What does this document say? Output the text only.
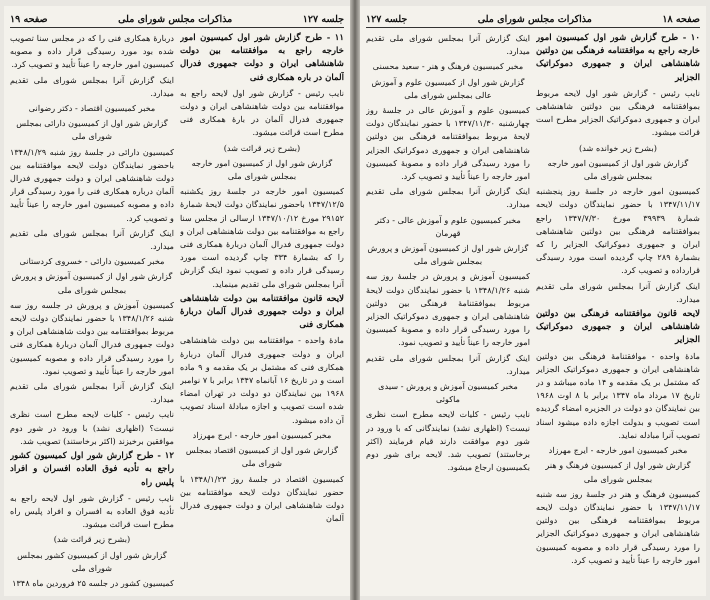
جلسه ۱۲۷
مذاکرات مجلس شورای ملی
صفحه ۱۹

۱۱ - طرح گزارش شور اول کمیسیون امور خارجه راجع به موافقتنامه بین دولت شاهنشاهی ایران و دولت جمهوری فدرال آلمان در باره همکاری فنی

نایب رئیس - گزارش شور اول لایحه راجع به موافقتنامه بین دولت شاهنشاهی ایران و دولت جمهوری فدرال آلمان در بارهٔ همکاری فنی مطرح است قرائت میشود.

(بشرح زیر قرائت شد)

گزارش شور اول از کمیسیون امور خارجه بمجلس شورای ملی

کمیسیون امور خارجه در جلسهٔ روز یکشنبه ۱۳۴۷/۱۲/۵ باحضور نمایندگان دولت لایحهٔ شمارهٔ ۲۹۱۵۲ مورخ ۱۳۴۷/۱۰/۱۲ ارسالی از مجلس سنا راجع به موافقتنامه بین دولت شاهنشاهی ایران و دولت جمهوری فدرال آلمان دربارهٔ همکاری فنی را که بشمارهٔ ۳۳۴ چاپ گردیده است مورد رسیدگی قرار داده و تصویب نمود اینک گزارش آنرا بمجلس شورای ملی تقدیم مینماید.

لایحه قانون موافقتنامه بین دولت شاهنشاهی ایران و دولت جمهوری فدرال آلمان دربارهٔ همکاری فنی

مادهٔ واحده - موافقتنامه بین دولت شاهنشاهی ایران و دولت جمهوری فدرال آلمان دربارهٔ همکاری فنی که مشتمل بر یک مقدمه و ۹ ماده است و در تاریخ ۱۶ آبانماه ۱۳۴۷ برابر با ۷ نوامبر ۱۹۶۸ بین نمایندگان دو دولت در تهران امضاء شده است تصویب و اجازه مبادلهٔ اسناد تصویب آن داده میشود.

مخبر کمیسیون امور خارجه - ایرج مهرزاد

گزارش شور اول از کمیسیون اقتصاد بمجلس شورای ملی

کمیسیون اقتصاد در جلسهٔ روز ۱۳۴۸/۱/۲۳ با حضور نمایندگان دولت لایحه موافقتنامه بین دولت شاهنشاهی ایران و دولت جمهوری فدرال آلمان

دربارهٔ همکاری فنی را که در مجلس سنا تصویب شده بود مورد رسیدگی قرار داده و مصوبه کمیسیون امور خارجه را عیناً تأیید و تصویب کرد.

اینک گزارش آنرا بمجلس شورای ملی تقدیم میدارد.

مخبر کمیسیون اقتصاد - دکتر رضوانی

گزارش شور اول از کمیسیون دارائی بمجلس شورای ملی

کمیسیون دارائی در جلسهٔ روز شنبه ۱۳۴۸/۱/۲۹ باحضور نمایندگان دولت لایحه موافقتنامه بین دولت شاهنشاهی ایران و دولت جمهوری فدرال آلمان درباره همکاری فنی را مورد رسیدگی قرار داده و مصوبه کمیسیون امور خارجه را عیناً تأیید و تصویب کرد.

اینک گزارش آنرا بمجلس شورای ملی تقدیم میدارد.

مخبر کمیسیون دارائی - خسروی کردستانی

گزارش شور اول از کمیسیون آموزش و پرورش بمجلس شورای ملی

کمیسیون آموزش و پرورش در جلسه روز سه شنبه ۱۳۴۸/۱/۲۶ با حضور نمایندگان دولت لایحه مربوط بموافقتنامه بین دولت شاهنشاهی ایران و دولت جمهوری فدرال آلمان دربارهٔ همکاری فنی را مورد رسیدگی قرار داده و مصوبه کمیسیون امور خارجه را عیناً تأیید و تصویب نمود.

اینک گزارش آنرا بمجلس شورای ملی تقدیم میدارد.

نایب رئیس - کلیات لایحه مطرح است نظری نیست؟ (اظهاری نشد) با ورود در شور دوم موافقین برخیزند (اکثر برخاستند) تصویب شد.

۱۲ - طرح گزارش شور اول کمیسیون کشور راجع به تأدیه فوق العاده افسران و افراد پلیس راه

نایب رئیس - گزارش شور اول لایحه راجع به تأدیه فوق العاده به افسران و افراد پلیس راه مطرح است قرائت میشود.

(بشرح زیر قرائت شد)

گزارش شور اول از کمیسیون کشور بمجلس شورای ملی

کمیسیون کشور در جلسه ۲۵ فروردین ماه ۱۳۴۸

صفحه ۱۸
مذاکرات مجلس شورای ملی
جلسه ۱۲۷

۱۰ - طرح گزارش شور اول کمیسیون امور خارجه راجع به موافقتنامه فرهنگی بین دولتین شاهنشاهی ایران و جمهوری دموکراتیک الجزایر

نایب رئیس - گزارش شور اول لایحه مربوط بموافقتنامه فرهنگی بین دولتین شاهنشاهی ایران و جمهوری دموکراتیک الجزایر مطرح است قرائت میشود.

(بشرح زیر خوانده شد)

گزارش شور اول از کمیسیون امور خارجه بمجلس شورای ملی

کمیسیون امور خارجه در جلسهٔ روز پنجشنبه ۱۳۴۷/۱۱/۱۷ با حضور نمایندگان دولت لایحه شمارهٔ ۳۹۹۳۹ مورخ ۱۳۴۷/۷/۳۰ راجع بموافقتنامه فرهنگی بین دولتین شاهنشاهی ایران و جمهوری دموکراتیک الجزایر را که بشمارهٔ ۲۸۹ چاپ گردیده است مورد رسیدگی قرارداده و تصویب کرد.

اینک گزارش آنرا بمجلس شورای ملی تقدیم میدارد.

لایحه قانون موافقتنامه فرهنگی بین دولتین شاهنشاهی ایران و جمهوری دموکراتیک الجزایر

مادهٔ واحده - موافقتنامهٔ فرهنگی بین دولتین شاهنشاهی ایران و جمهوری دموکراتیک الجزایر که مشتمل بر یک مقدمه و ۱۴ ماده میباشد و در تاریخ ۱۷ مرداد ماه ۱۳۴۷ برابر با ۸ اوت ۱۹۶۸ بین نمایندگان دو دولت در الجزیره امضاء گردیده است تصویب و بدولت اجازه داده میشود اسناد تصویب آنرا مبادله نماید.

مخبر کمیسیون امور خارجه - ایرج مهرزاد

گزارش شور اول از کمیسیون فرهنگ و هنر بمجلس شورای ملی

کمیسیون فرهنگ و هنر در جلسهٔ روز سه شنبه ۱۳۴۷/۱۱/۱۷ با حضور نمایندگان دولت لایحه مربوط بموافقتنامه فرهنگی بین دولتین شاهنشاهی ایران و جمهوری دموکراتیک الجزایر را مورد رسیدگی قرار داده و مصوبه کمیسیون امور خارجه را عیناً تأیید و تصویب کرد.

اینک گزارش آنرا بمجلس شورای ملی تقدیم میدارد.

مخبر کمیسیون فرهنگ و هنر - سعید محسنی

گزارش شور اول از کمیسیون علوم و آموزش عالی بمجلس شورای ملی

کمیسیون علوم و آموزش عالی در جلسهٔ روز چهارشنبه ۱۳۴۷/۱۱/۳۰ با حضور نمایندگان دولت لایحهٔ مربوط بموافقتنامه فرهنگی بین دولتین شاهنشاهی ایران و جمهوری دموکراتیک الجزایر را مورد رسیدگی قرار داده و مصوبهٔ کمیسیون امور خارجه را عیناً تأیید و تصویب کرد.

اینک گزارش آنرا بمجلس شورای ملی تقدیم میدارد.

مخبر کمیسیون علوم و آموزش عالی - دکتر قهرمان

گزارش شور اول از کمیسیون آموزش و پرورش بمجلس شورای ملی

کمیسیون آموزش و پرورش در جلسهٔ روز سه شنبه ۱۳۴۸/۱/۲۶ با حضور نمایندگان دولت لایحهٔ مربوط بموافقتنامهٔ فرهنگی بین دولتین شاهنشاهی ایران و جمهوری دموکراتیک الجزایر را مورد رسیدگی قرار داده و مصوبهٔ کمیسیون امور خارجه را عیناً تأیید و تصویب نمود.

اینک گزارش آنرا بمجلس شورای ملی تقدیم میدارد.

مخبر کمیسیون آموزش و پرورش - سیدی ماکوئی

نایب رئیس - کلیات لایحه مطرح است نظری نیست؟ (اظهاری نشد) نمایندگانی که با ورود در شور دوم موافقت دارند قیام فرمایند (اکثر برخاستند) تصویب شد. لایحه برای شور دوم بکمیسیون ارجاع میشود.
